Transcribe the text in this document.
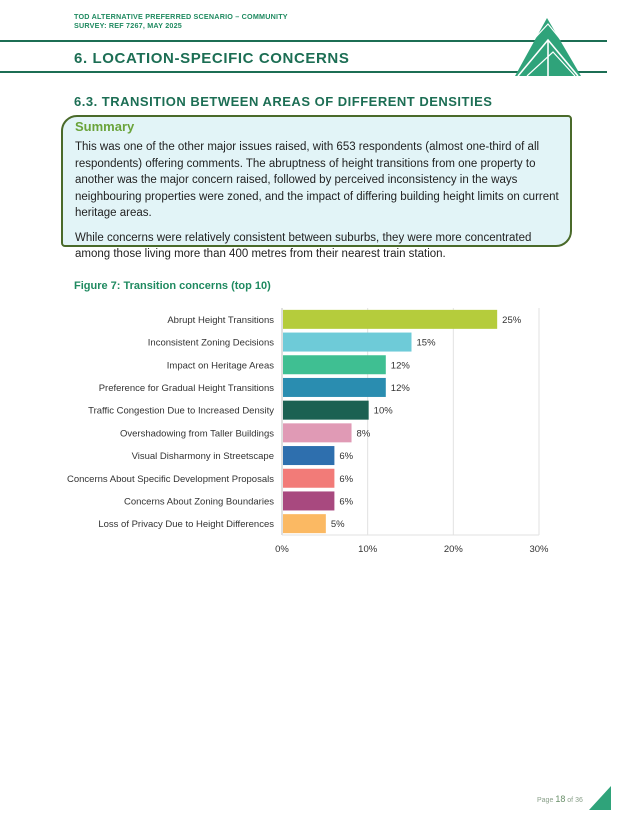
TOD ALTERNATIVE PREFERRED SCENARIO – COMMUNITY
SURVEY: REF 7267, MAY 2025
6. LOCATION-SPECIFIC CONCERNS
6.3. TRANSITION BETWEEN AREAS OF DIFFERENT DENSITIES
Summary

This was one of the other major issues raised, with 653 respondents (almost one-third of all respondents) offering comments. The abruptness of height transitions from one property to another was the major concern raised, followed by perceived inconsistency in the ways neighbouring properties were zoned, and the impact of differing building height limits on current heritage areas.

While concerns were relatively consistent between suburbs, they were more concentrated among those living more than 400 metres from their nearest train station.

Figure 7: Transition concerns (top 10)
Abrupt Height Transitions	25%
Inconsistent Zoning Decisions	15%
Impact on Heritage Areas	12%
Preference for Gradual Height Transitions	12%
Traffic Congestion Due to Increased Density	10%
Overshadowing from Taller Buildings	8%
Visual Disharmony in Streetscape	6%
Concerns About Specific Development Proposals	6%
Concerns About Zoning Boundaries	6%
Loss of Privacy Due to Height Differences	5%
0%	10%	20%	30%
Page 18 of 36
